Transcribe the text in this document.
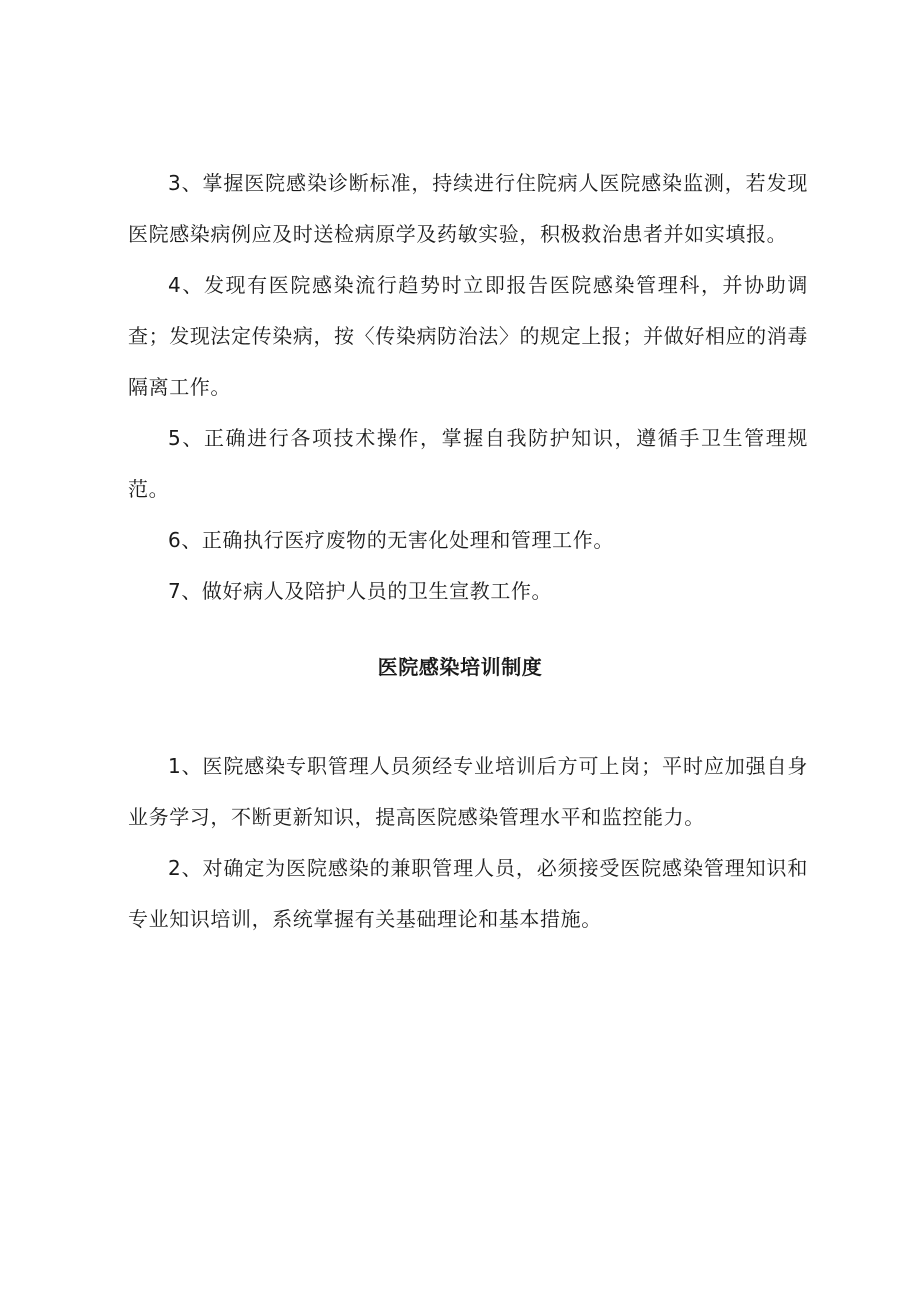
3、掌握医院感染诊断标准，持续进行住院病人医院感染监测，若发现医院感染病例应及时送检病原学及药敏实验，积极救治患者并如实填报。

4、发现有医院感染流行趋势时立即报告医院感染管理科，并协助调查；发现法定传染病，按〈传染病防治法〉的规定上报；并做好相应的消毒隔离工作。

5、正确进行各项技术操作，掌握自我防护知识，遵循手卫生管理规范。

6、正确执行医疗废物的无害化处理和管理工作。

7、做好病人及陪护人员的卫生宣教工作。

医院感染培训制度

1、医院感染专职管理人员须经专业培训后方可上岗；平时应加强自身业务学习，不断更新知识，提高医院感染管理水平和监控能力。

2、对确定为医院感染的兼职管理人员，必须接受医院感染管理知识和专业知识培训，系统掌握有关基础理论和基本措施。
